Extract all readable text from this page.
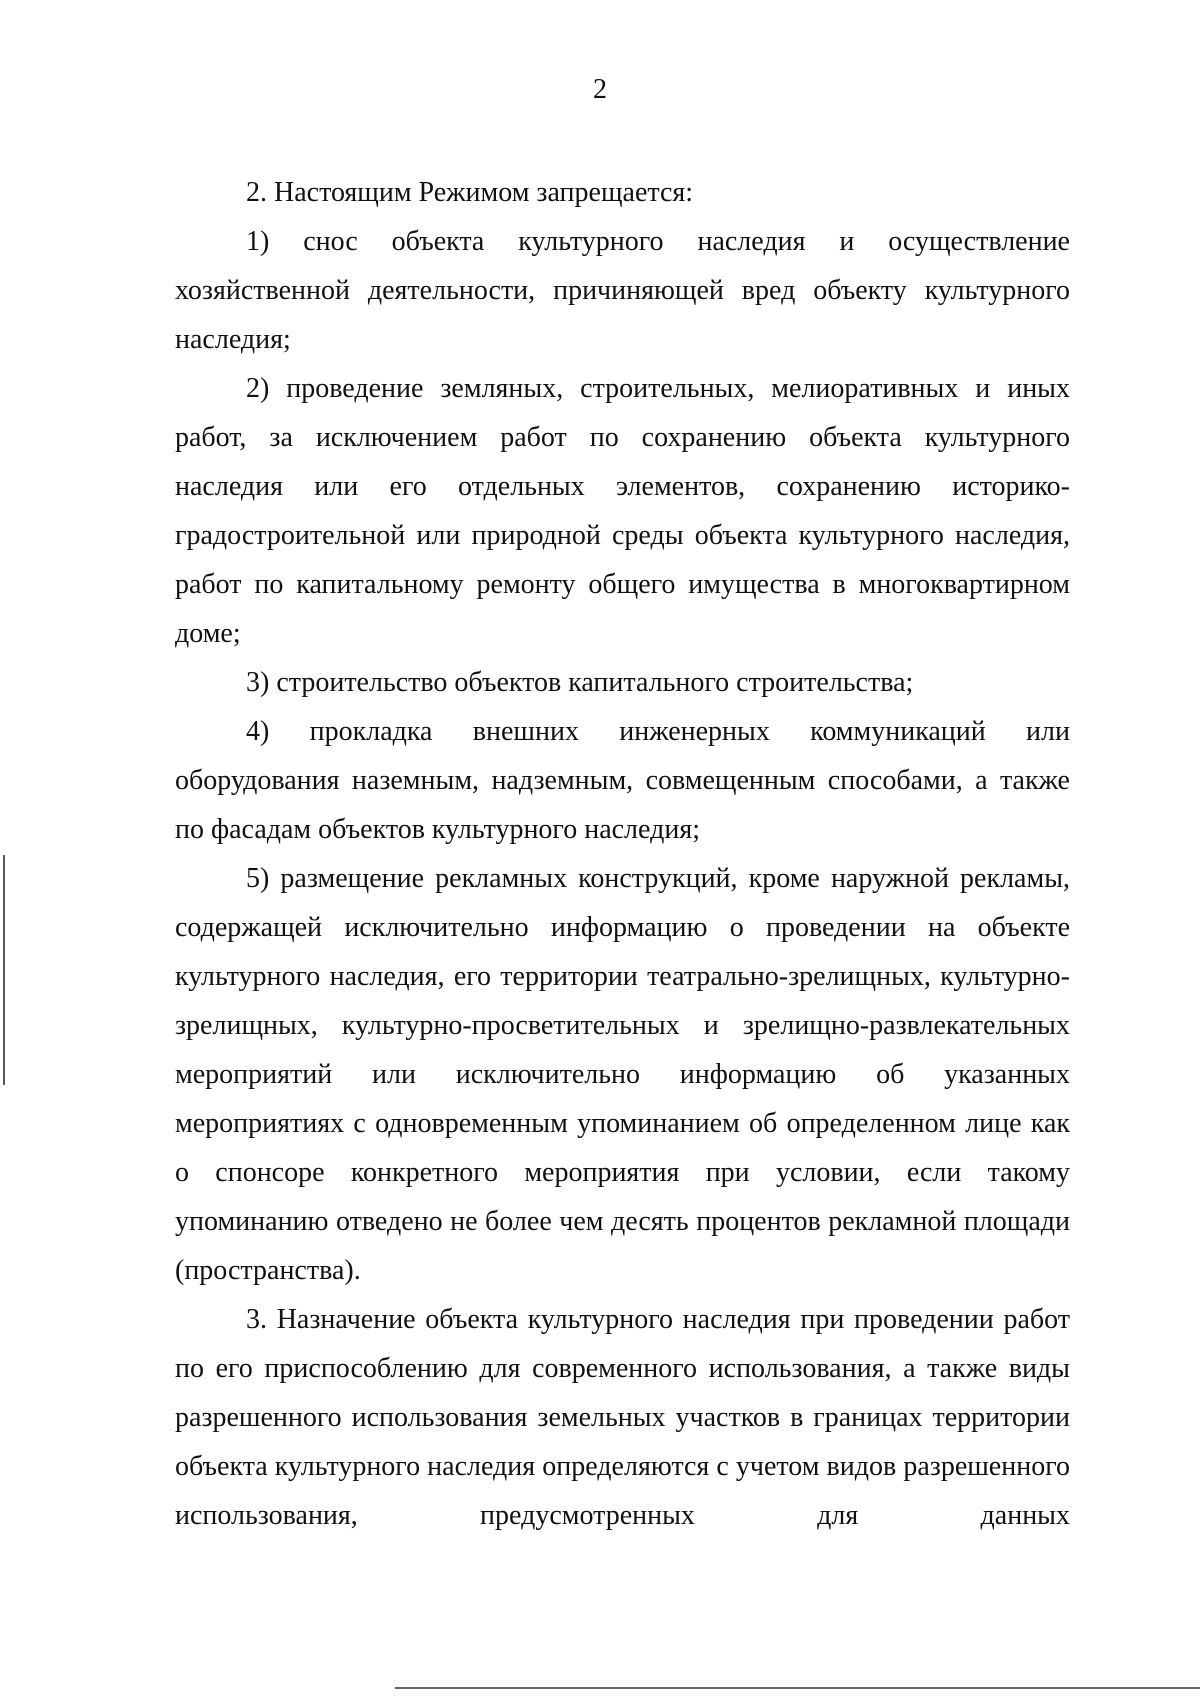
2

2. Настоящим Режимом запрещается:

1) снос объекта культурного наследия и осуществление хозяйственной деятельности, причиняющей вред объекту культурного наследия;

2) проведение земляных, строительных, мелиоративных и иных работ, за исключением работ по сохранению объекта культурного наследия или его отдельных элементов, сохранению историко-градостроительной или природной среды объекта культурного наследия, работ по капитальному ремонту общего имущества в многоквартирном доме;

3) строительство объектов капитального строительства;

4) прокладка внешних инженерных коммуникаций или оборудования наземным, надземным, совмещенным способами, а также по фасадам объектов культурного наследия;

5) размещение рекламных конструкций, кроме наружной рекламы, содержащей исключительно информацию о проведении на объекте культурного наследия, его территории театрально-зрелищных, культурно-зрелищных, культурно-просветительных и зрелищно-развлекательных мероприятий или исключительно информацию об указанных мероприятиях с одновременным упоминанием об определенном лице как о спонсоре конкретного мероприятия при условии, если такому упоминанию отведено не более чем десять процентов рекламной площади (пространства).

3. Назначение объекта культурного наследия при проведении работ по его приспособлению для современного использования, а также виды разрешенного использования земельных участков в границах территории объекта культурного наследия определяются с учетом видов разрешенного использования, предусмотренных для данных
